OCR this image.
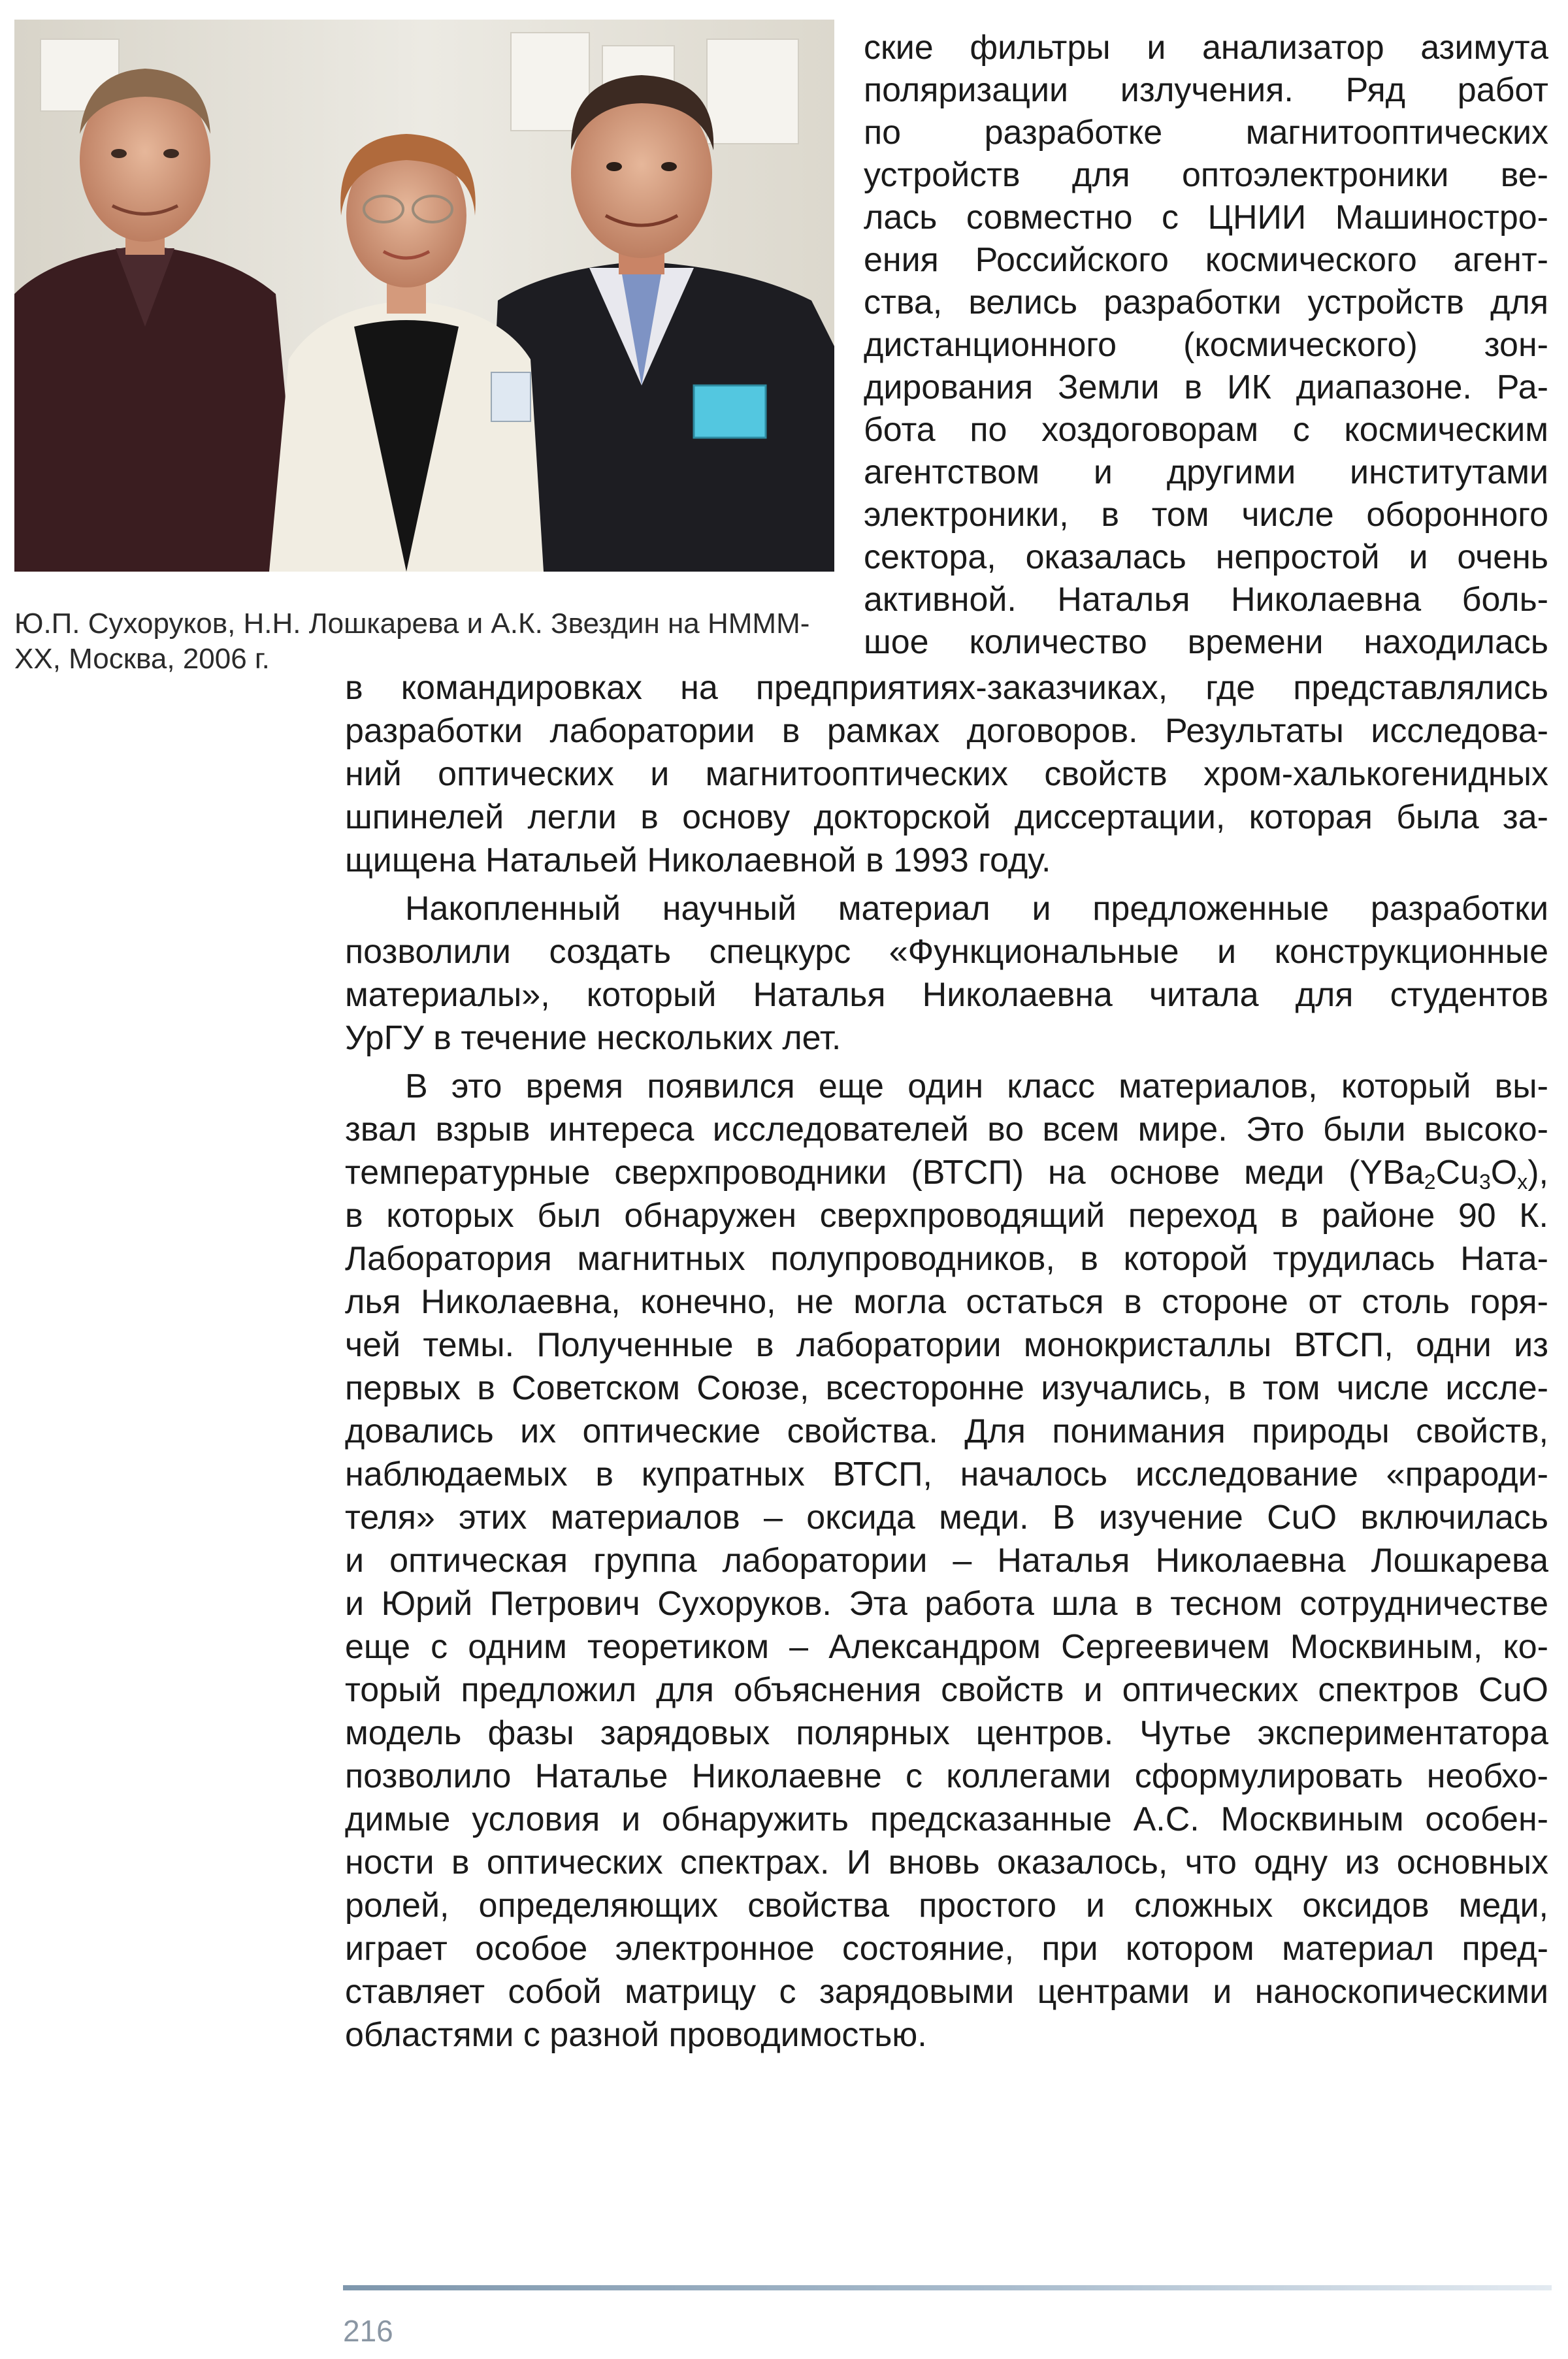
Ю.П. Сухоруков, Н.Н. Лошкарева и А.К. Звездин на НММM-XX, Москва, 2006 г.
ские фильтры и анализатор азимута
поляризации излучения. Ряд работ
по разработке магнитооптических
устройств для оптоэлектроники ве-
лась совместно с ЦНИИ Машиностро-
ения Российского космического агент-
ства, велись разработки устройств для
дистанционного (космического) зон-
дирования Земли в ИК диапазоне. Ра-
бота по хоздоговорам с космическим
агентством и другими институтами
электроники, в том числе оборонного
сектора, оказалась непростой и очень
активной. Наталья Николаевна боль-
шое количество времени находилась
в командировках на предприятиях-заказчиках, где представлялись
разработки лаборатории в рамках договоров. Результаты исследова-
ний оптических и магнитооптических свойств хром-халькогенидных
шпинелей легли в основу докторской диссертации, которая была за-
щищена Натальей Николаевной в 1993 году.
Накопленный научный материал и предложенные разработки
позволили создать спецкурс «Функциональные и конструкционные
материалы», который Наталья Николаевна читала для студентов
УрГУ в течение нескольких лет.
В это время появился еще один класс материалов, который вы-
звал взрыв интереса исследователей во всем мире. Это были высоко-
температурные сверхпроводники (ВТСП) на основе меди $(YBa_2Cu_3O_x)$,
в которых был обнаружен сверхпроводящий переход в районе 90 К.
Лаборатория магнитных полупроводников, в которой трудилась Ната-
лья Николаевна, конечно, не могла остаться в стороне от столь горя-
чей темы. Полученные в лаборатории монокристаллы ВТСП, одни из
первых в Советском Союзе, всесторонне изучались, в том числе иссле-
довались их оптические свойства. Для понимания природы свойств,
наблюдаемых в купратных ВТСП, началось исследование «прароди-
теля» этих материалов – оксида меди. В изучение CuO включилась
и оптическая группа лаборатории – Наталья Николаевна Лошкарева
и Юрий Петрович Сухоруков. Эта работа шла в тесном сотрудничестве
еще с одним теоретиком – Александром Сергеевичем Москвиным, ко-
торый предложил для объяснения свойств и оптических спектров CuO
модель фазы зарядовых полярных центров. Чутье экспериментатора
позволило Наталье Николаевне с коллегами сформулировать необхо-
димые условия и обнаружить предсказанные А.С. Москвиным особен-
ности в оптических спектрах. И вновь оказалось, что одну из основных
ролей, определяющих свойства простого и сложных оксидов меди,
играет особое электронное состояние, при котором материал пред-
ставляет собой матрицу с зарядовыми центрами и наноскопическими
областями с разной проводимостью.
216
